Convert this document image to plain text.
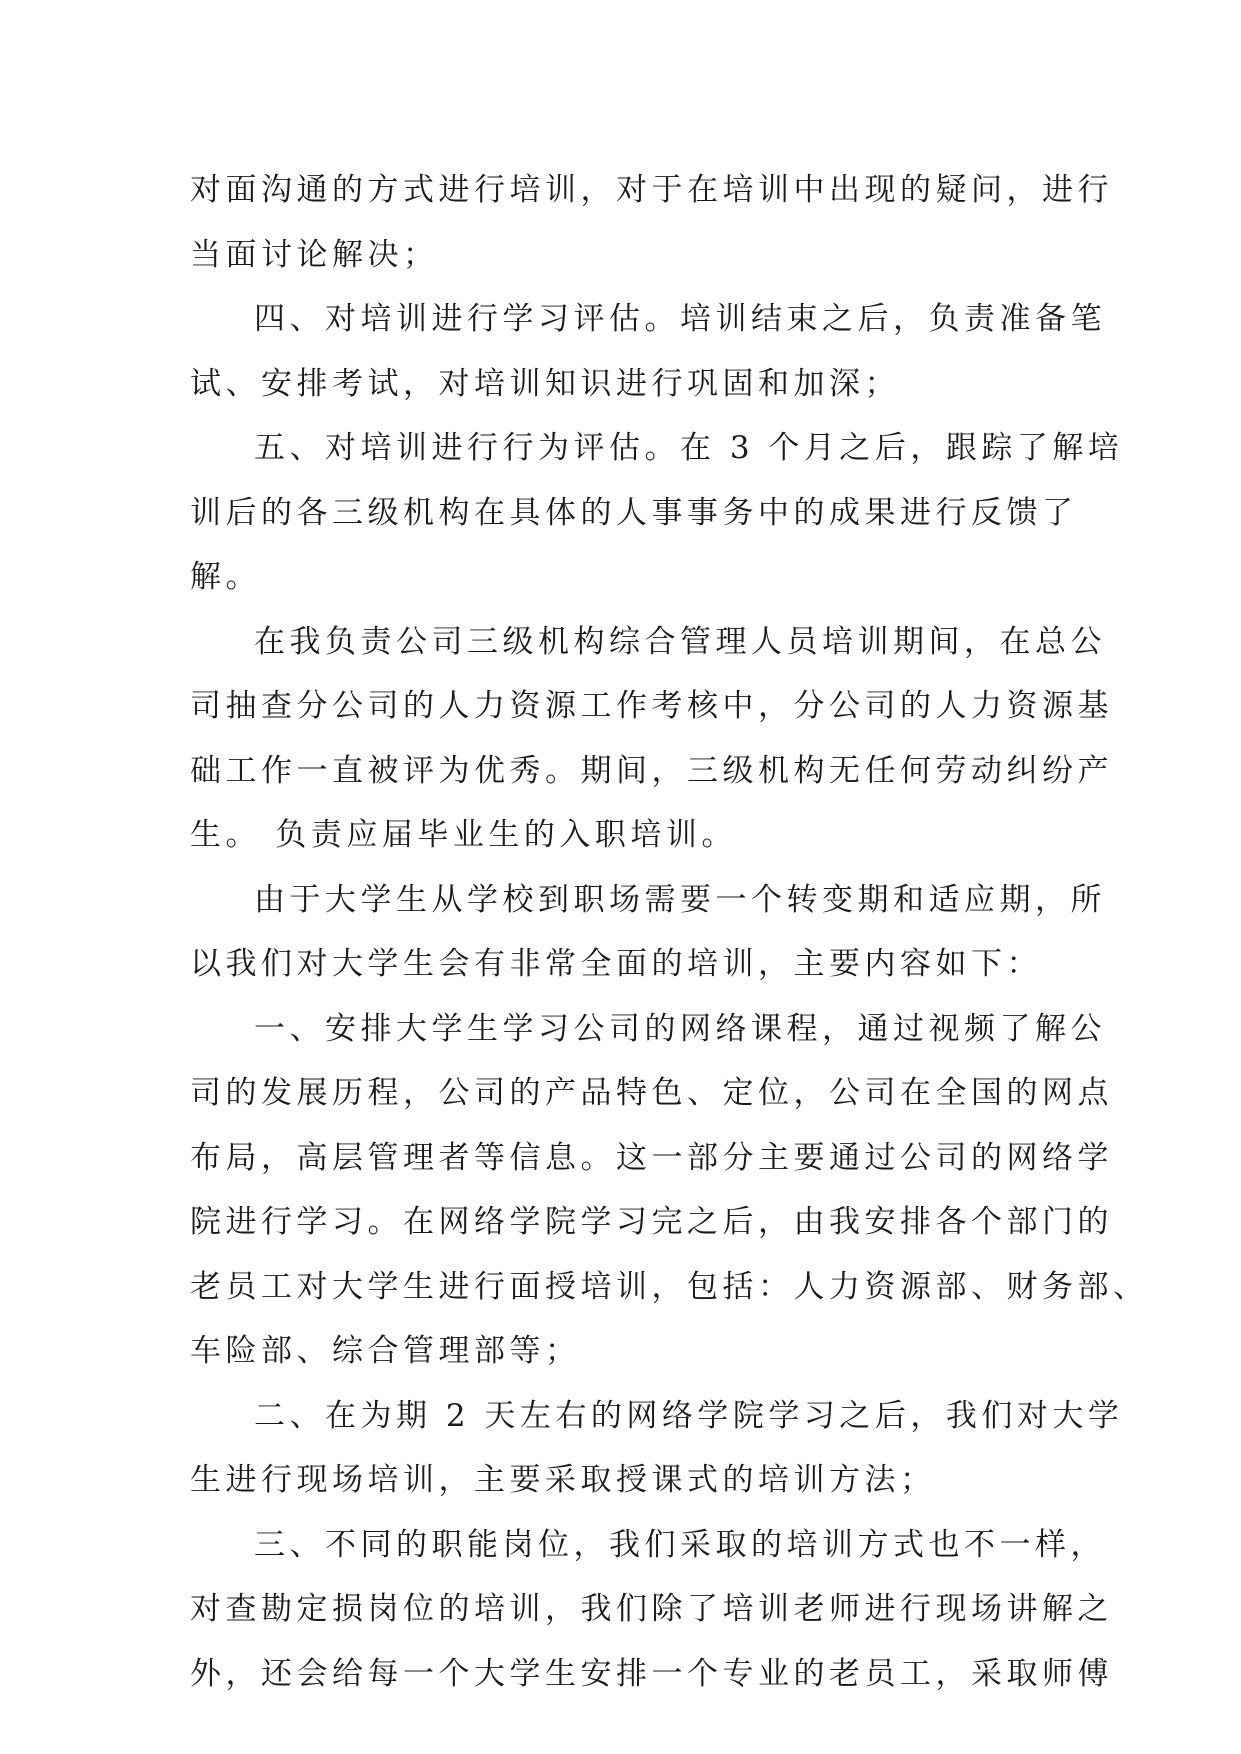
对面沟通的方式进行培训，对于在培训中出现的疑问，进行
当面讨论解决；
四、对培训进行学习评估。培训结束之后，负责准备笔
试、安排考试，对培训知识进行巩固和加深；
五、对培训进行行为评估。在 3 个月之后，跟踪了解培
训后的各三级机构在具体的人事事务中的成果进行反馈了
解。
在我负责公司三级机构综合管理人员培训期间，在总公
司抽查分公司的人力资源工作考核中，分公司的人力资源基
础工作一直被评为优秀。期间，三级机构无任何劳动纠纷产
生。 负责应届毕业生的入职培训。
由于大学生从学校到职场需要一个转变期和适应期，所
以我们对大学生会有非常全面的培训，主要内容如下：
一、安排大学生学习公司的网络课程，通过视频了解公
司的发展历程，公司的产品特色、定位，公司在全国的网点
布局，高层管理者等信息。这一部分主要通过公司的网络学
院进行学习。在网络学院学习完之后，由我安排各个部门的
老员工对大学生进行面授培训，包括：人力资源部、财务部、
车险部、综合管理部等；
二、在为期 2 天左右的网络学院学习之后，我们对大学
生进行现场培训，主要采取授课式的培训方法；
三、不同的职能岗位，我们采取的培训方式也不一样，
对查勘定损岗位的培训，我们除了培训老师进行现场讲解之
外，还会给每一个大学生安排一个专业的老员工，采取师傅
